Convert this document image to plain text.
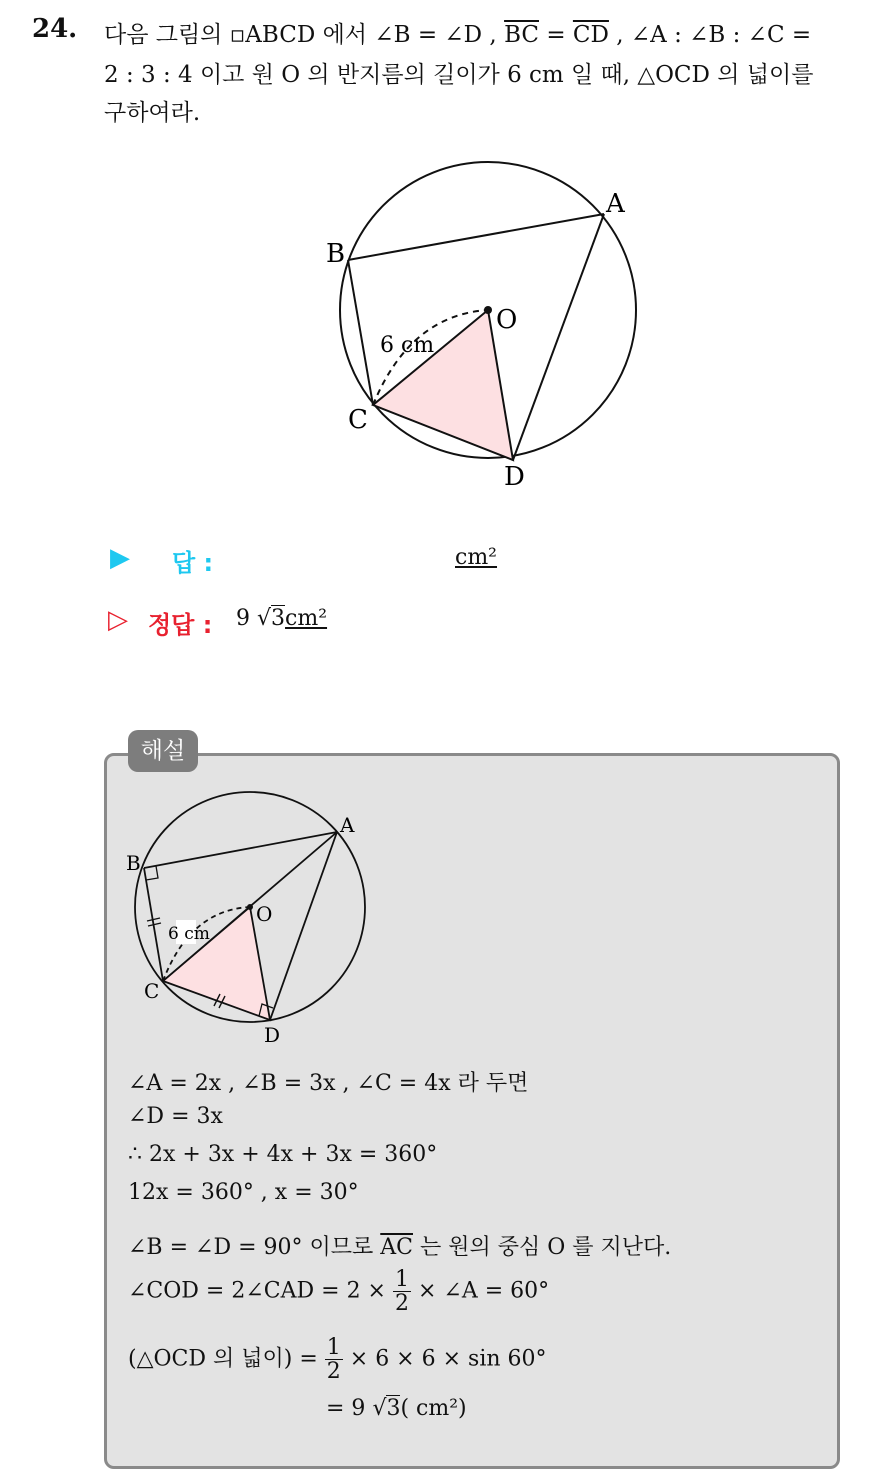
24. 다음 그림의 ▫ABCD 에서 ∠B = ∠D , $\overline{BC} = \overline{CD}$ , ∠A : ∠B : ∠C =
2 : 3 : 4 이고 원 O 의 반지름의 길이가 6 cm 일 때, △OCD 의 넓이를
구하여라.
A
B
C
D
O
6 cm
▶ 답 :	cm²
▷ 정답 : 9 √3cm²
해설
A
B
C
D
O
6 cm
∠A = 2x , ∠B = 3x , ∠C = 4x 라 두면
∠D = 3x
∴ 2x + 3x + 4x + 3x = 360°
12x = 360° , x = 30°
∠B = ∠D = 90° 이므로 $\overline{AC}$ 는 원의 중심 O 를 지난다.
∠COD = 2∠CAD = $2 \times \frac{1}{2}$ × ∠A = 60°
(△OCD 의 넓이) = $\frac{1}{2} \times 6 \times 6 \times \sin 60^\circ$
= 9 √3( cm²)
